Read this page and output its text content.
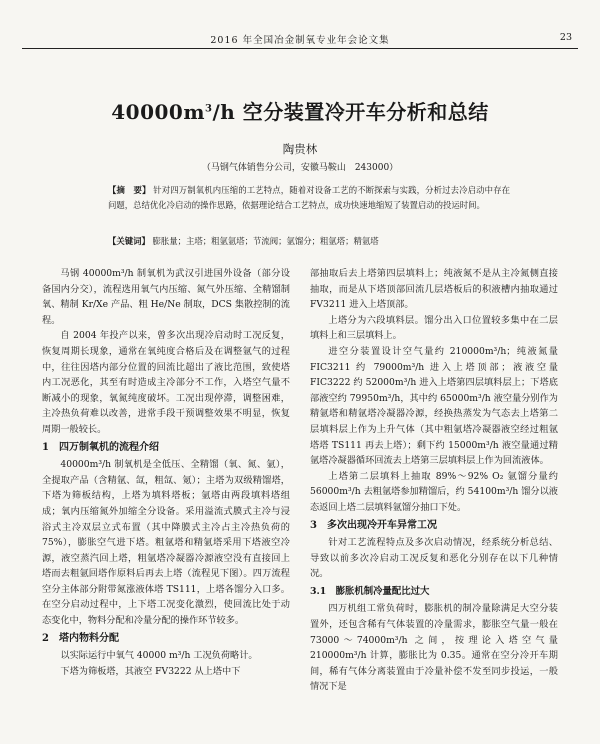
2016 年全国冶金制氧专业年会论文集	23
$40000m^3/h$ 空分装置冷开车分析和总结
陶贵林
（马钢气体销售分公司，安徽马鞍山　243000）
【摘　要】 针对四万制氧机内压缩的工艺特点，随着对设备工艺的不断探索与实践，分析过去冷启动中存在问题，总结优化冷启动的操作思路，依据理论结合工艺特点，成功快速地缩短了装置启动的投运时间。
【关键词】 膨胀量；主塔；粗氩氩塔；节流阀；氩馏分；粗氩塔；精氩塔

马钢 40000m³/h 制氧机为武汉引进国外设备（部分设备国内分交），流程选用氧气内压缩、氮气外压缩、全精馏制氧、精制 Kr/Xe 产品、粗 He/Ne 制取，DCS 集散控制的流程。

自 2004 年投产以来，曾多次出现冷启动时工况反复，恢复周期长现象，通常在氧纯度合格后及在调整氩气的过程中，往往因塔内部分位置的回流比超出了液比范围，致使塔内工况恶化，其至有时造成主冷部分不工作，入塔空气量不断减小的现象，氧氮纯度破坏。工况出现停滞，调整困难，主冷热负荷难以改善，进常手段干预调整效果不明显，恢复周期一般较长。

1　四万制氧机的流程介绍

40000m³/h 制氧机是全低压、全精馏（氧、氮、氩），全提取产品（含精氩、氙，粗氙、氪）；主塔为双级精馏塔，下塔为筛板结构，上塔为填料塔板；氩塔由两段填料塔组成；氧内压缩氮外加缩全分设备。采用溢流式膜式主冷与浸浴式主冷双层立式布置（其中降膜式主冷占主冷热负荷的 75%），膨胀空气进下塔。粗氩塔和精氩塔采用下塔液空冷源，液空蒸汽回上塔，粗氩塔冷凝器冷源液空没有直接回上塔而去粗氩回塔作原料后再去上塔（流程见下图）。四万流程空分主体部分附带氮涨液体塔 TS111，上塔各馏分入口多。在空分启动过程中，上下塔工况变化激烈，使回流比处于动态变化中，物料分配和冷量分配的操作环节较多。

2　塔内物料分配

以实际运行中氧气 40000 m³/h 工况负荷略计。

下塔为筛板塔，其液空 FV3222 从上塔中下

部抽取后去上塔第四层填料上；纯液氮不是从主冷氮侧直接抽取，而是从下塔顶部回流几层塔板后的积液槽内抽取通过 FV3211 进入上塔顶部。

上塔分为六段填料层。馏分出入口位置较多集中在二层填料上和三层填料上。

进空分装置设计空气量约 210000m³/h；纯液氮量 FIC3211 约 79000m³/h 进入上塔顶部；液液空量 FIC3222 约 52000m³/h 进入上塔第四层填料层上；下塔底部液空约 79950m³/h，其中约 65000m³/h 液空量分别作为精氩塔和精氩塔冷凝器冷源，经换热蒸发为气态去上塔第二层填料层上作为上升气体（其中粗氩塔冷凝器液空经过粗氩塔塔 TS111 再去上塔）；剩下约 15000m³/h 液空量通过精氩塔冷凝器循环回流去上塔第三层填料层上作为回流液体。

上塔第二层填料上抽取 89%～92% O₂ 氩馏分量约 56000m³/h 去粗氩塔参加精馏后，约 54100m³/h 馏分以液态返回上塔二层填料氩馏分抽口下处。

3　多次出现冷开车异常工况

针对工艺流程特点及多次启动情况，经系统分析总结、导致以前多次冷启动工况反复和恶化分别存在以下几种情况。

3.1　膨胀机制冷量配比过大

四万机组工常负荷时，膨胀机的制冷量除满足大空分装置外，还包含稀有气体装置的冷量需求，膨胀空气量一般在 73000～74000m³/h 之间，按理论入塔空气量 210000m³/h 计算，膨胀比为 0.35。通常在空分冷开车期间，稀有气体分离装置由于冷量补偿不发至同步投运，一般情况下是
